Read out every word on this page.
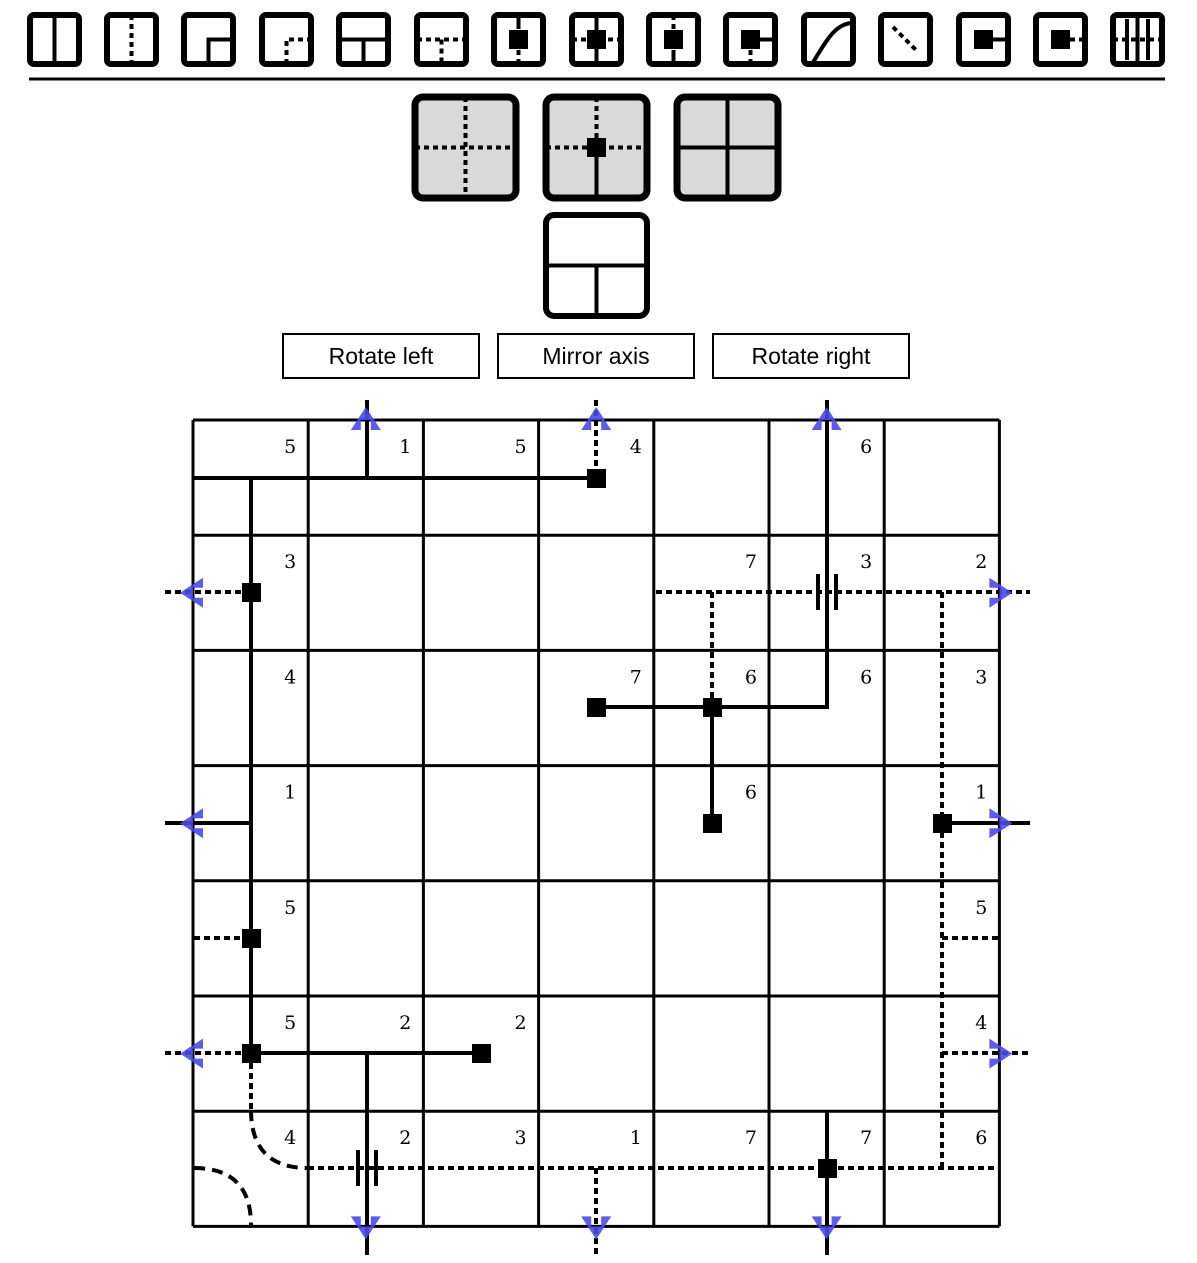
5	1	5	4	6
3	7	3	2
4	7	6	6	3
1	6	1
5	5
5	2	2	4
4	2	3	1	7	7	6
Rotate left	Mirror axis	Rotate right
